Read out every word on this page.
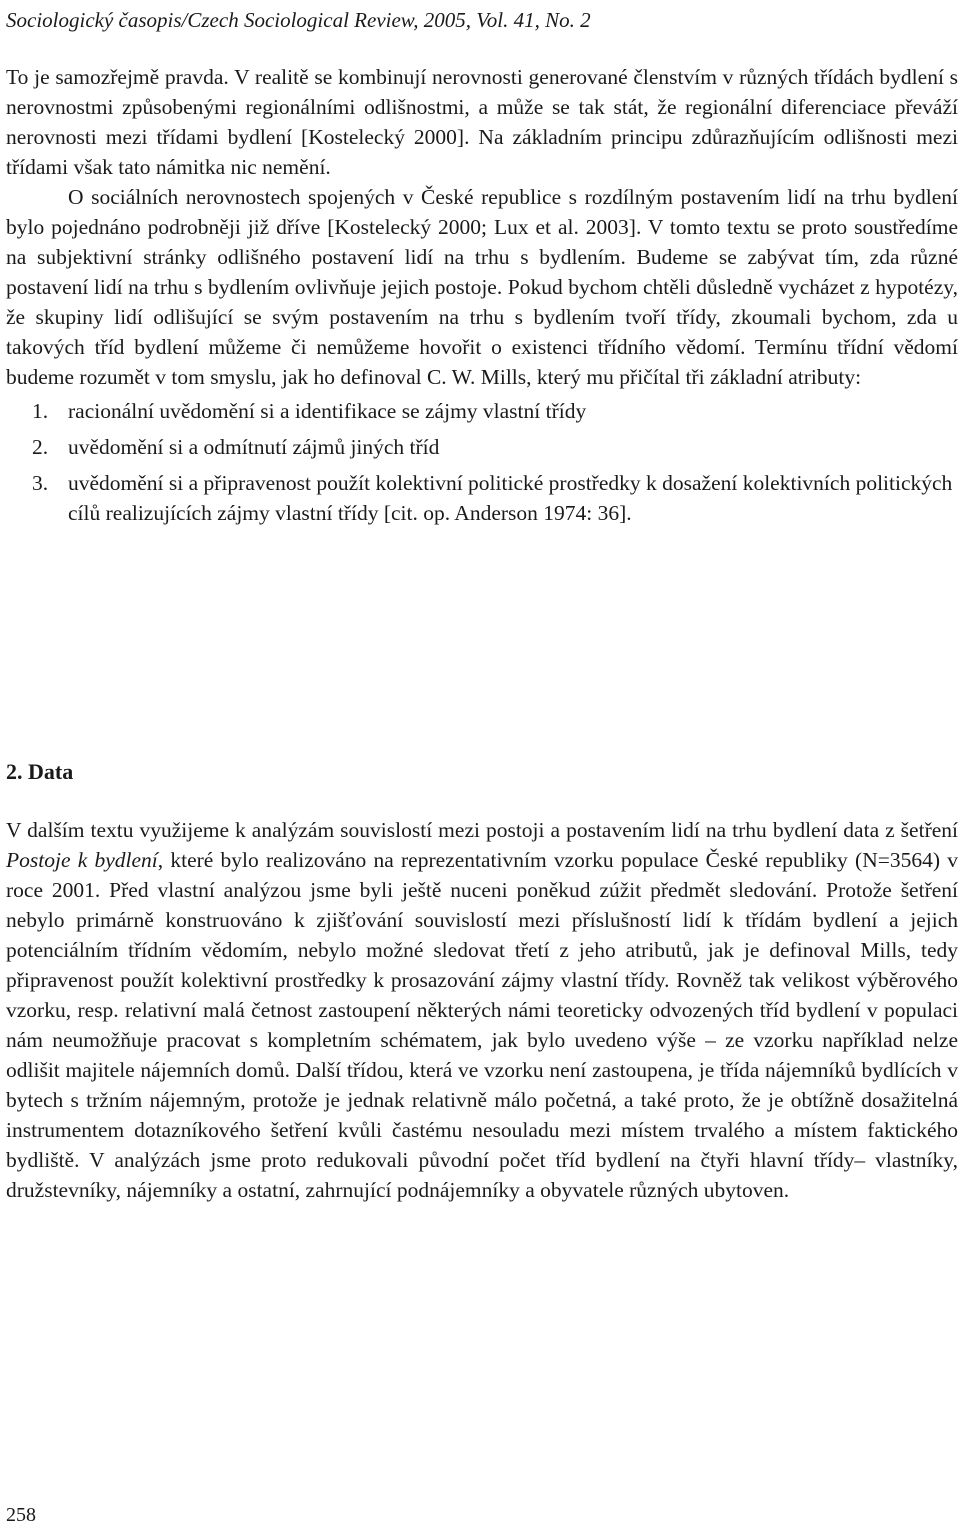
Sociologický časopis/Czech Sociological Review, 2005, Vol. 41, No. 2

To je samozřejmě pravda. V realitě se kombinují nerovnosti generované členstvím v různých třídách bydlení s nerovnostmi způsobenými regionálními odlišnostmi, a může se tak stát, že regionální diferenciace převáží nerovnosti mezi třídami bydlení [Kostelecký 2000]. Na základním principu zdůrazňujícím odlišnosti mezi třídami však tato námitka nic nemění.

O sociálních nerovnostech spojených v České republice s rozdílným postavením lidí na trhu bydlení bylo pojednáno podrobněji již dříve [Kostelecký 2000; Lux et al. 2003]. V tomto textu se proto soustředíme na subjektivní stránky odlišného postavení lidí na trhu s bydlením. Budeme se zabývat tím, zda různé postavení lidí na trhu s bydlením ovlivňuje jejich postoje. Pokud bychom chtěli důsledně vycházet z hypotézy, že skupiny lidí odlišující se svým postavením na trhu s bydlením tvoří třídy, zkoumali bychom, zda u takových tříd bydlení můžeme či nemůžeme hovořit o existenci třídního vědomí. Termínu třídní vědomí budeme rozumět v tom smyslu, jak ho definoval C. W. Mills, který mu přičítal tři základní atributy:

1. racionální uvědomění si a identifikace se zájmy vlastní třídy
2. uvědomění si a odmítnutí zájmů jiných tříd
3. uvědomění si a připravenost použít kolektivní politické prostředky k dosažení kolektivních politických cílů realizujících zájmy vlastní třídy [cit. op. Anderson 1974: 36].
2. Data

V dalším textu využijeme k analýzám souvislostí mezi postoji a postavením lidí na trhu bydlení data z šetření Postoje k bydlení, které bylo realizováno na reprezentativním vzorku populace České republiky (N=3564) v roce 2001. Před vlastní analýzou jsme byli ještě nuceni poněkud zúžit předmět sledování. Protože šetření nebylo primárně konstruováno k zjišťování souvislostí mezi příslušností lidí k třídám bydlení a jejich potenciálním třídním vědomím, nebylo možné sledovat třetí z jeho atributů, jak je definoval Mills, tedy připravenost použít kolektivní prostředky k prosazování zájmy vlastní třídy. Rovněž tak velikost výběrového vzorku, resp. relativní malá četnost zastoupení některých námi teoreticky odvozených tříd bydlení v populaci nám neumožňuje pracovat s kompletním schématem, jak bylo uvedeno výše – ze vzorku například nelze odlišit majitele nájemních domů. Další třídou, která ve vzorku není zastoupena, je třída nájemníků bydlících v bytech s tržním nájemným, protože je jednak relativně málo početná, a také proto, že je obtížně dosažitelná instrumentem dotazníkového šetření kvůli častému nesouladu mezi místem trvalého a místem faktického bydliště. V analýzách jsme proto redukovali původní počet tříd bydlení na čtyři hlavní třídy– vlastníky, družstevníky, nájemníky a ostatní, zahrnující podnájemníky a obyvatele různých ubytoven.

258
